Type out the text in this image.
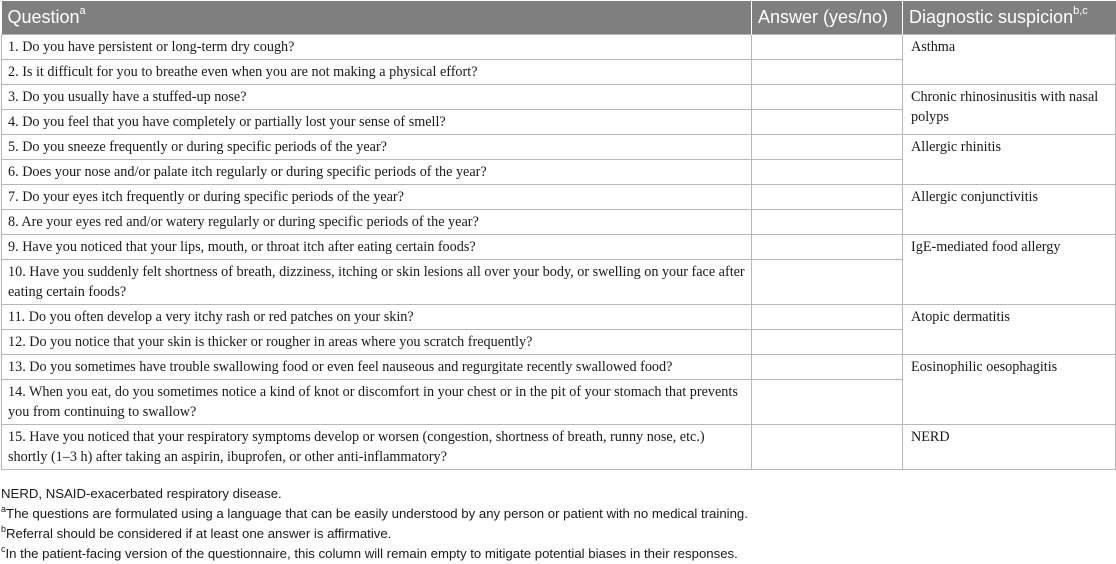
Question$^a$	Answer (yes/no)	Diagnostic suspicion$^{b,c}$
1. Do you have persistent or long-term dry cough?		Asthma
2. Is it difficult for you to breathe even when you are not making a physical effort?		
3. Do you usually have a stuffed-up nose?		Chronic rhinosinusitis with nasal polyps
4. Do you feel that you have completely or partially lost your sense of smell?		
5. Do you sneeze frequently or during specific periods of the year?		Allergic rhinitis
6. Does your nose and/or palate itch regularly or during specific periods of the year?		
7. Do your eyes itch frequently or during specific periods of the year?		Allergic conjunctivitis
8. Are your eyes red and/or watery regularly or during specific periods of the year?		
9. Have you noticed that your lips, mouth, or throat itch after eating certain foods?		IgE-mediated food allergy
10. Have you suddenly felt shortness of breath, dizziness, itching or skin lesions all over your body, or swelling on your face after eating certain foods?		
11. Do you often develop a very itchy rash or red patches on your skin?		Atopic dermatitis
12. Do you notice that your skin is thicker or rougher in areas where you scratch frequently?		
13. Do you sometimes have trouble swallowing food or even feel nauseous and regurgitate recently swallowed food?		Eosinophilic oesophagitis
14. When you eat, do you sometimes notice a kind of knot or discomfort in your chest or in the pit of your stomach that prevents you from continuing to swallow?		
15. Have you noticed that your respiratory symptoms develop or worsen (congestion, shortness of breath, runny nose, etc.) shortly (1–3 h) after taking an aspirin, ibuprofen, or other anti-inflammatory?		NERD
NERD, NSAID-exacerbated respiratory disease.
$^a$The questions are formulated using a language that can be easily understood by any person or patient with no medical training.
$^b$Referral should be considered if at least one answer is affirmative.
$^c$In the patient-facing version of the questionnaire, this column will remain empty to mitigate potential biases in their responses.
